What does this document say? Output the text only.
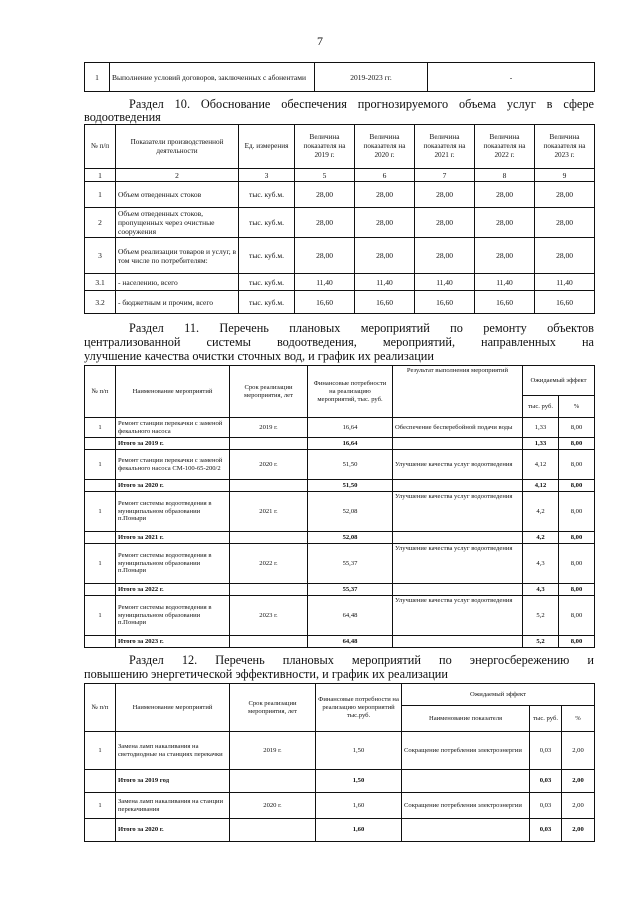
7
1	Выполнение условий договоров, заключенных с абонентами	2019-2023 гг.	-
Раздел 10. Обоснование обеспечения прогнозируемого объема услуг в сфере
водоотведения
№ п/п	Показатели производственной деятельности	Ед. измерения	Величина показателя на 2019 г.	Величина показателя на 2020 г.	Величина показателя на 2021 г.	Величина показателя на 2022 г.	Величина показателя на 2023 г.
1	2	3	5	6	7	8	9
1	Объем отведенных стоков	тыс. куб.м.	28,00	28,00	28,00	28,00	28,00
2	Объем отведенных стоков, пропущенных через очистные сооружения	тыс. куб.м.	28,00	28,00	28,00	28,00	28,00
3	Объем реализации товаров и услуг, в том числе по потребителям:	тыс. куб.м.	28,00	28,00	28,00	28,00	28,00
3.1	- населению, всего	тыс. куб.м.	11,40	11,40	11,40	11,40	11,40
3.2	- бюджетным и прочим, всего	тыс. куб.м.	16,60	16,60	16,60	16,60	16,60
Раздел 11. Перечень плановых мероприятий по ремонту объектов
централизованной системы водоотведения, мероприятий, направленных на
улучшение качества очистки сточных вод, и график их реализации
№ п/п	Наименование мероприятий	Срок реализации мероприятия, лет	Финансовые потребности на реализацию мероприятий, тыс. руб.	Результат выполнения мероприятий	Ожидаемый эффект	
					тыс. руб.	%
1	Ремонт станции перекачки с заменой фекального насоса	2019 г.	16,64	Обеспечение бесперебойной подачи воды	1,33	8,00
	Итого за 2019 г.		16,64		1,33	8,00
1	Ремонт станции перекачки с заменой фекального насоса СМ-100-65-200/2	2020 г.	51,50	Улучшение качества услуг водоотведения	4,12	8,00
	Итого за 2020 г.		51,50		4,12	8,00
1	Ремонт системы водоотведения в муниципальном образовании п.Поныри	2021 г.	52,08	Улучшение качества услуг водоотведения	4,2	8,00
	Итого за 2021 г.		52,08		4,2	8,00
1	Ремонт системы водоотведения в муниципальном образовании п.Поныри	2022 г.	55,37	Улучшение качества услуг водоотведения	4,3	8,00
	Итого за 2022 г.		55,37		4,3	8,00
1	Ремонт системы водоотведения в муниципальном образовании п.Поныри	2023 г.	64,48	Улучшение качества услуг водоотведения	5,2	8,00
	Итого за 2023 г.		64,48		5,2	8,00
Раздел 12. Перечень плановых мероприятий по энергосбережению и
повышению энергетической эффективности, и график их реализации
№ п/п	Наименование мероприятий	Срок реализации мероприятия, лет	Финансовые потребности на реализацию мероприятий тыс.руб.	Ожидаемый эффект		
				Наименование показателя	тыс. руб.	%
1	Замена ламп накаливания на светодиодные на станциях перекачки	2019 г.	1,50	Сокращение потребления электроэнергии	0,03	2,00
	Итого за 2019 год		1,50		0,03	2,00
1	Замена ламп накаливания на станции перекачивания	2020 г.	1,60	Сокращение потребления электроэнергии	0,03	2,00
	Итого за 2020 г.		1,60		0,03	2,00
